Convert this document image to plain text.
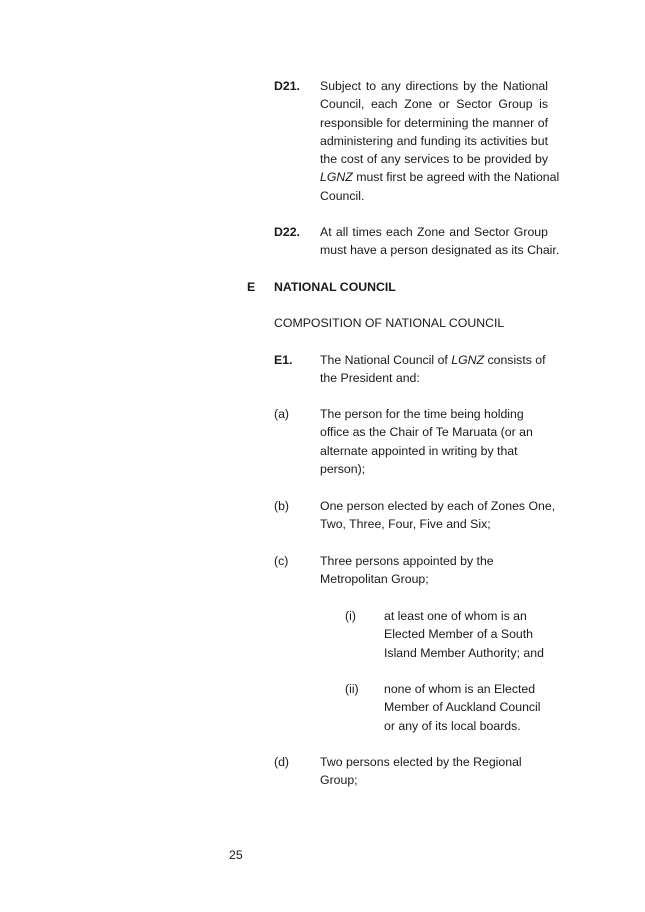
D21. Subject to any directions by the National
Council, each Zone or Sector Group is
responsible for determining the manner of
administering and funding its activities but
the cost of any services to be provided by
LGNZ must first be agreed with the National
Council.
D22. At all times each Zone and Sector Group
must have a person designated as its Chair.
E NATIONAL COUNCIL
COMPOSITION OF NATIONAL COUNCIL
E1. The National Council of LGNZ consists of
the President and:
(a)	The person for the time being holding
office as the Chair of Te Maruata (or an
alternate appointed in writing by that
person);
(b)	One person elected by each of Zones One,
Two, Three, Four, Five and Six;
(c)	Three persons appointed by the
Metropolitan Group;
(i) at least one of whom is an
Elected Member of a South
Island Member Authority; and
(ii) none of whom is an Elected
Member of Auckland Council
or any of its local boards.
(d)	Two persons elected by the Regional
Group;
25
